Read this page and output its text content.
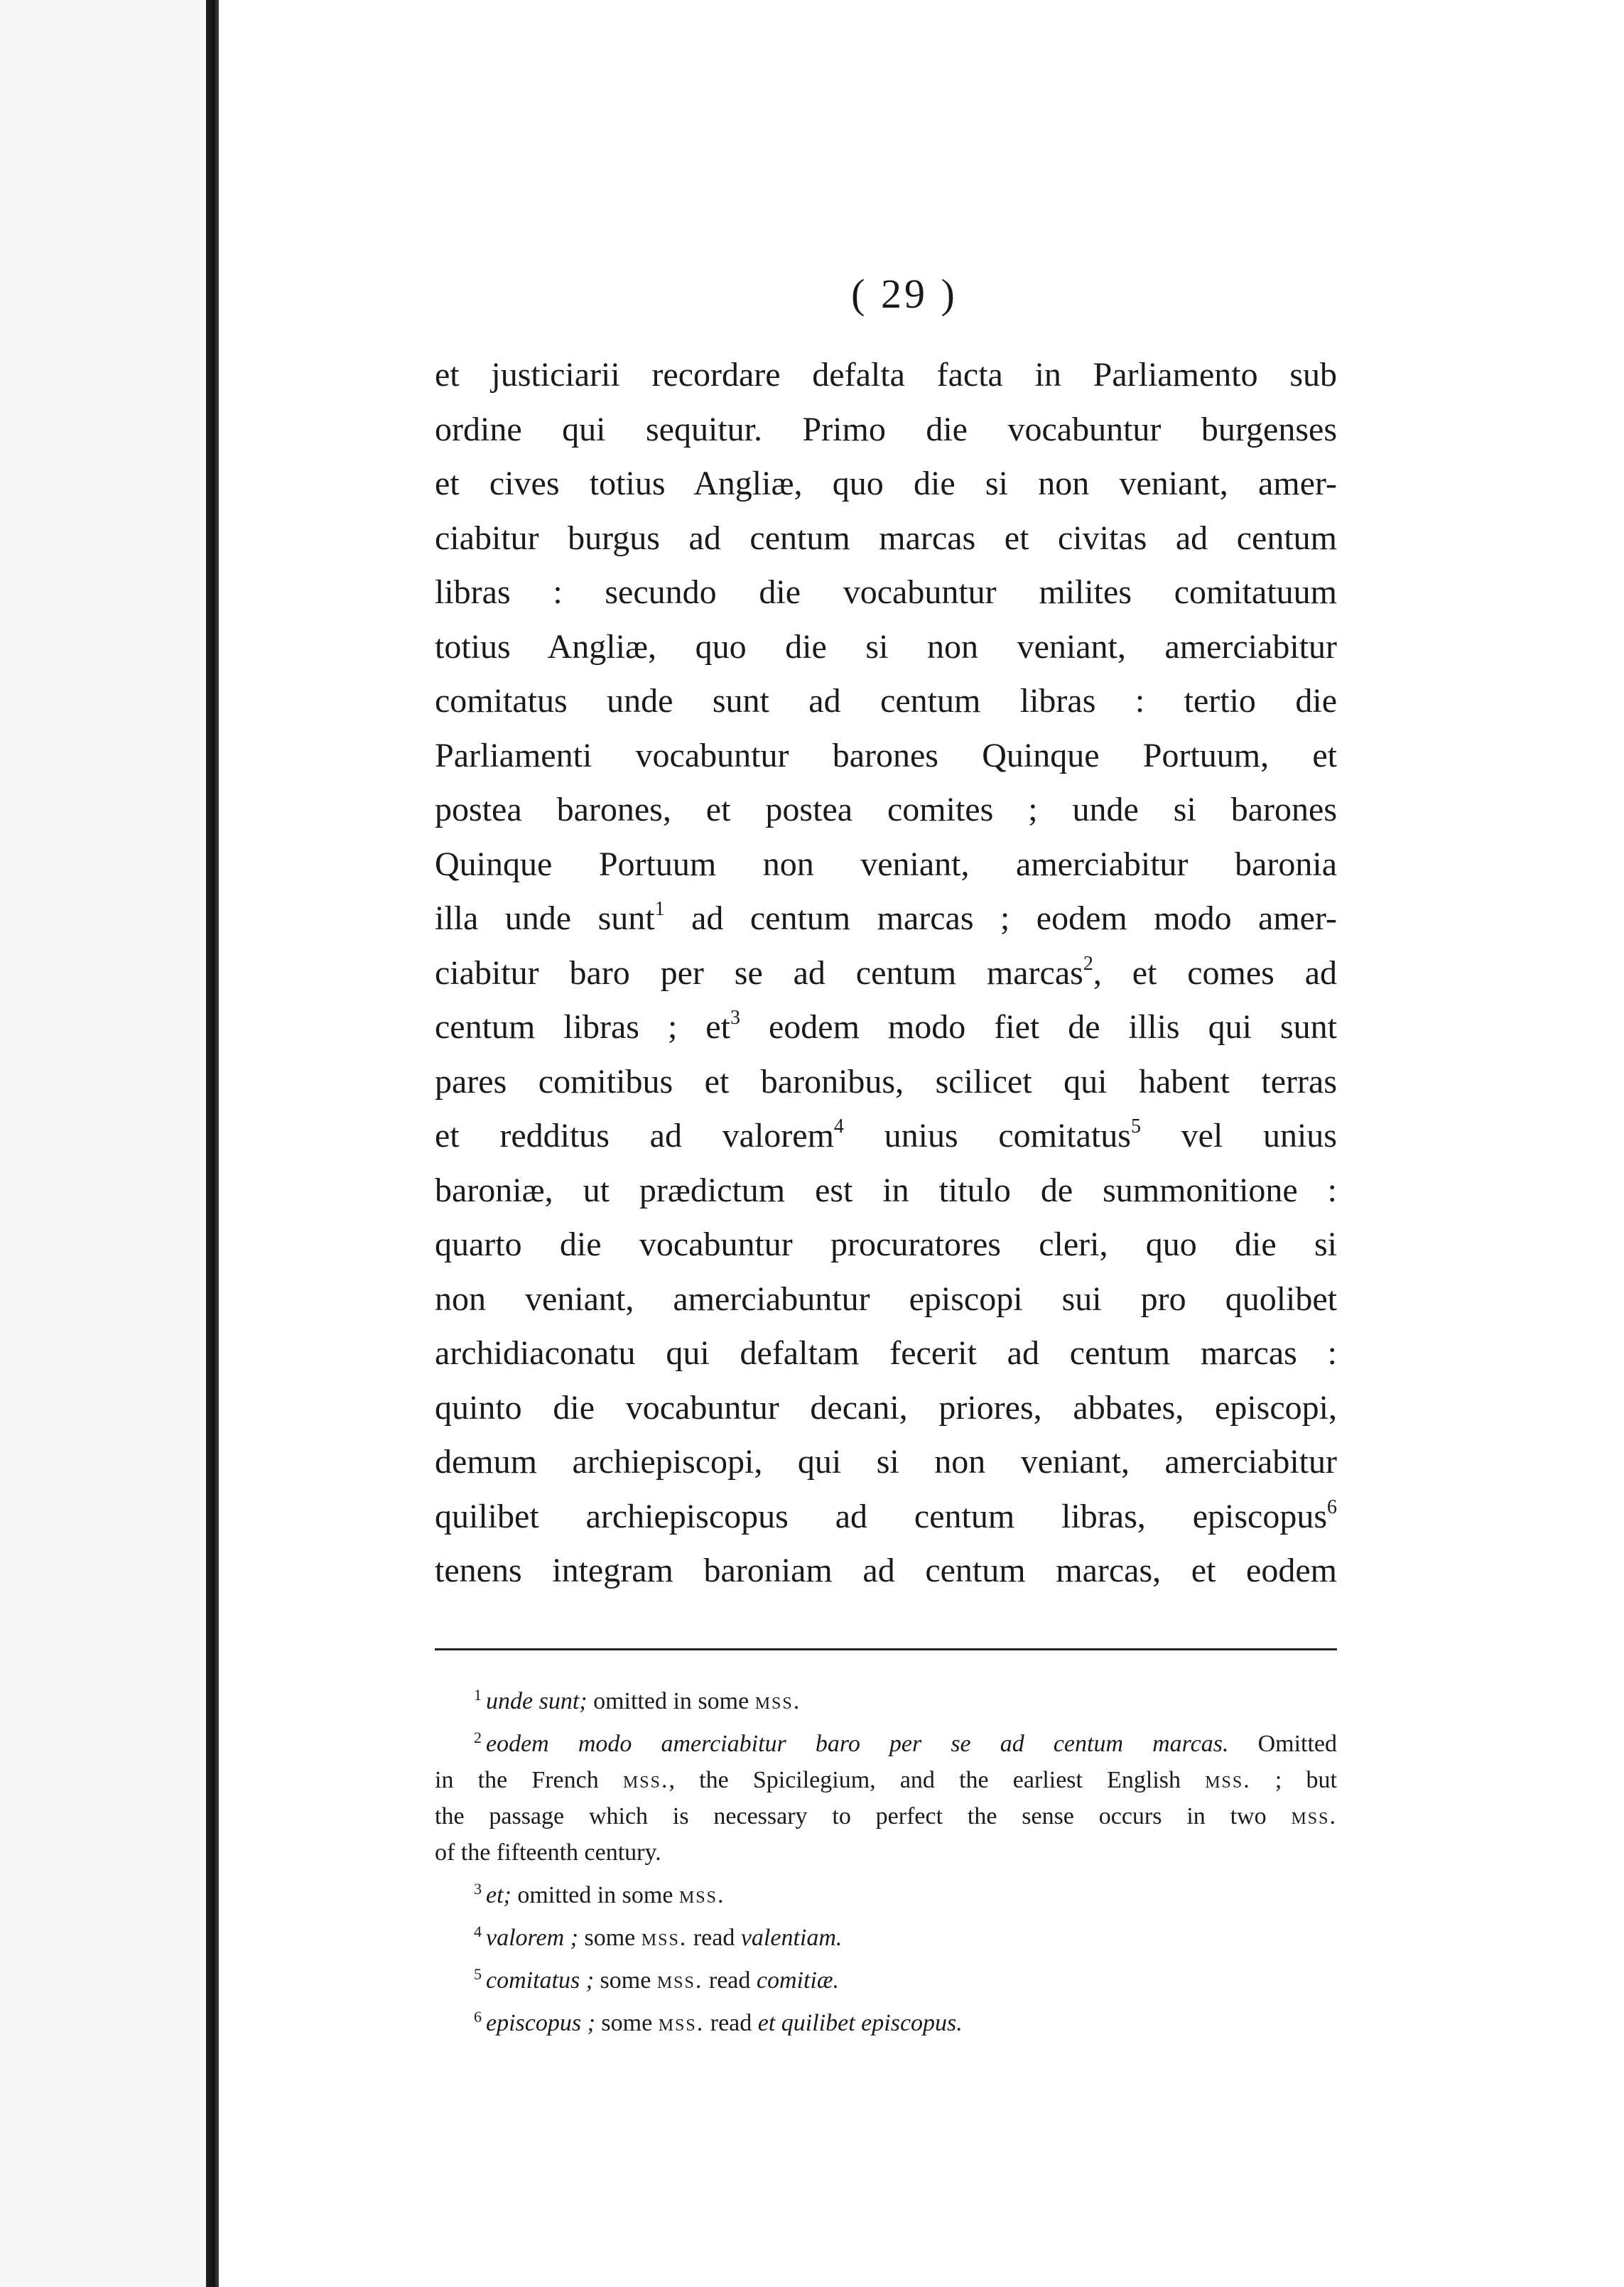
( 29 )
et justiciarii recordare defalta facta in Parliamento sub
ordine qui sequitur. Primo die vocabuntur burgenses
et cives totius Angliæ, quo die si non veniant, amer-
ciabitur burgus ad centum marcas et civitas ad centum
libras : secundo die vocabuntur milites comitatuum
totius Angliæ, quo die si non veniant, amerciabitur
comitatus unde sunt ad centum libras : tertio die
Parliamenti vocabuntur barones Quinque Portuum, et
postea barones, et postea comites ; unde si barones
Quinque Portuum non veniant, amerciabitur baronia
illa unde sunt$^1$ ad centum marcas ; eodem modo amer-
ciabitur baro per se ad centum marcas$^2$, et comes ad
centum libras ; $et^3$ eodem modo fiet de illis qui sunt
pares comitibus et baronibus, scilicet qui habent terras
et redditus ad valorem$^4$ unius comitatus$^5$ vel unius
baroniæ, ut prædictum est in titulo de summonitione :
quarto die vocabuntur procuratores cleri, quo die si
non veniant, amerciabuntur episcopi sui pro quolibet
archidiaconatu qui defaltam fecerit ad centum marcas :
quinto die vocabuntur decani, priores, abbates, episcopi,
demum archiepiscopi, qui si non veniant, amerciabitur
quilibet archiepiscopus ad centum libras, episcopus$^6$
tenens integram baroniam ad centum marcas, et eodem
$^1$ unde sunt; omitted in some mss.
$^2$ eodem modo amerciabitur baro per se ad centum marcas. Omitted
in the French mss., the Spicilegium, and the earliest English mss. ; but
the passage which is necessary to perfect the sense occurs in two mss.
of the fifteenth century.
$^3$ et; omitted in some mss.
$^4$ valorem ; some mss. read valentiam.
$^5$ comitatus ; some mss. read comitiæ.
$^6$ episcopus ; some mss. read et quilibet episcopus.
